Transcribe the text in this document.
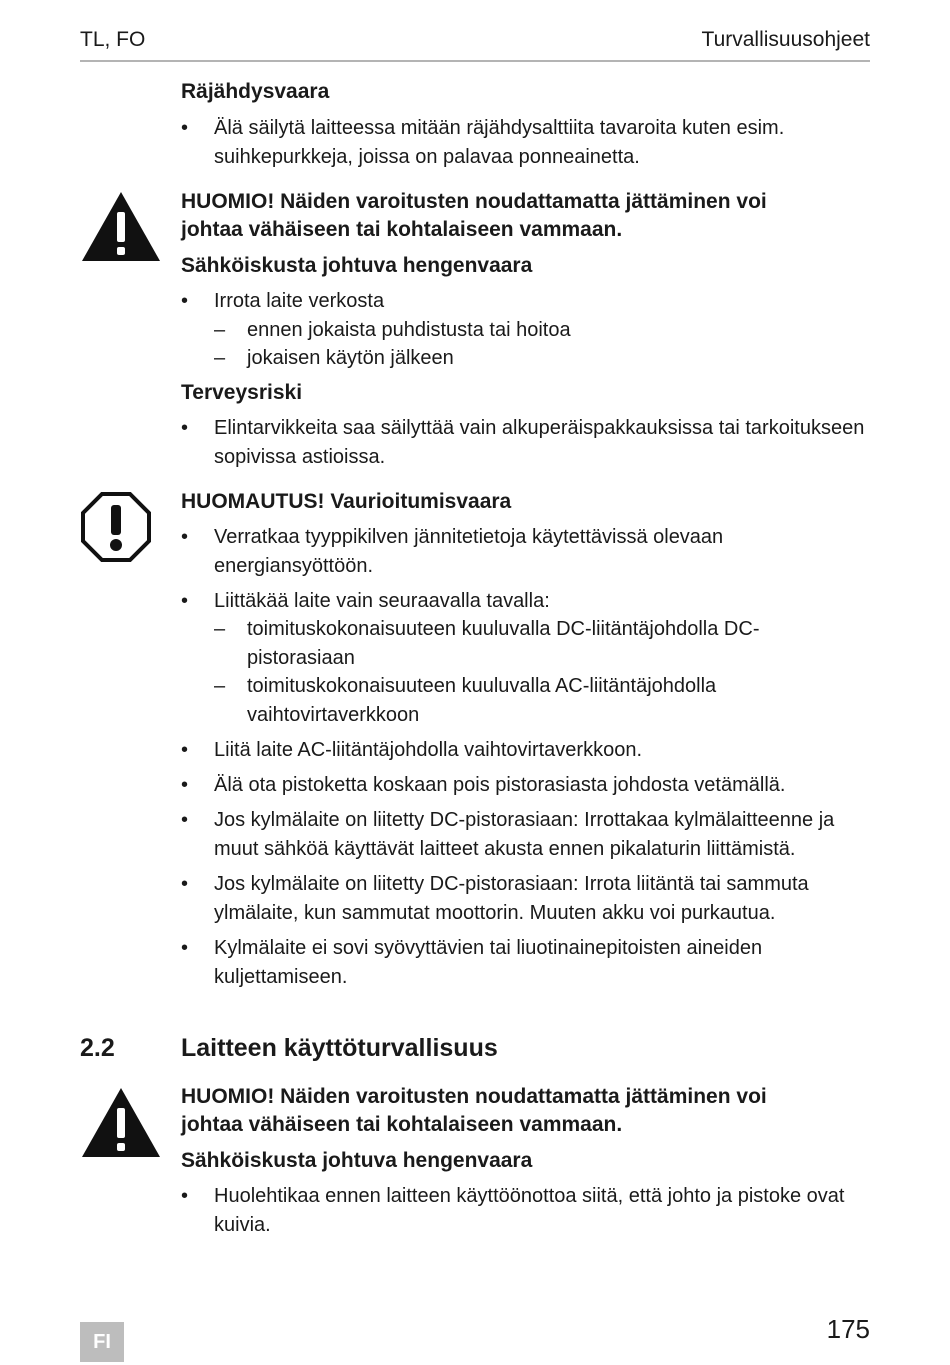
TL, FO	Turvallisuusohjeet
Räjähdysvaara
• Älä säilytä laitteessa mitään räjähdysalttiita tavaroita kuten esim. suihkepurkkeja, joissa on palavaa ponneainetta.
HUOMIO! Näiden varoitusten noudattamatta jättäminen voi
johtaa vähäiseen tai kohtalaiseen vammaan.
Sähköiskusta johtuva hengenvaara
• Irrota laite verkosta
– ennen jokaista puhdistusta tai hoitoa
– jokaisen käytön jälkeen
Terveysriski
• Elintarvikkeita saa säilyttää vain alkuperäispakkauksissa tai tarkoitukseen sopivissa astioissa.
HUOMAUTUS! Vaurioitumisvaara
• Verratkaa tyyppikilven jännitetietoja käytettävissä olevaan energiansyöttöön.
• Liittäkää laite vain seuraavalla tavalla:
– toimituskokonaisuuteen kuuluvalla DC-liitäntäjohdolla DC-pistorasiaan
– toimituskokonaisuuteen kuuluvalla AC-liitäntäjohdolla vaihtovirtaverkkoon
• Liitä laite AC-liitäntäjohdolla vaihtovirtaverkkoon.
• Älä ota pistoketta koskaan pois pistorasiasta johdosta vetämällä.
• Jos kylmälaite on liitetty DC-pistorasiaan: Irrottakaa kylmälaitteenne ja muut sähköä käyttävät laitteet akusta ennen pikalaturin liittämistä.
• Jos kylmälaite on liitetty DC-pistorasiaan: Irrota liitäntä tai sammuta ylmälaite, kun sammutat moottorin. Muuten akku voi purkautua.
• Kylmälaite ei sovi syövyttävien tai liuotinainepitoisten aineiden kuljettamiseen.
2.2	Laitteen käyttöturvallisuus
HUOMIO! Näiden varoitusten noudattamatta jättäminen voi
johtaa vähäiseen tai kohtalaiseen vammaan.
Sähköiskusta johtuva hengenvaara
• Huolehtikaa ennen laitteen käyttöönottoa siitä, että johto ja pistoke ovat kuivia.
FI	175
